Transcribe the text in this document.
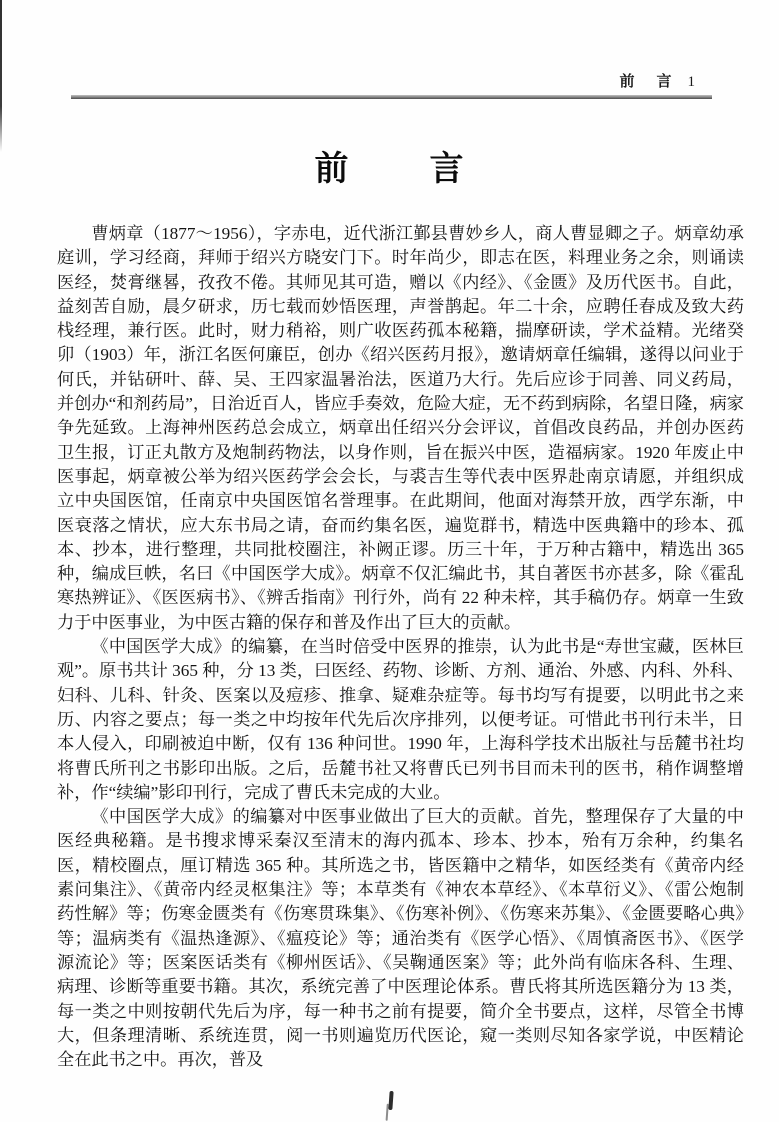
前 言 1
前 言

曹炳章（1877～1956），字赤电，近代浙江鄞县曹妙乡人，商人曹显卿之子。炳章幼承庭训，学习经商，拜师于绍兴方晓安门下。时年尚少，即志在医，料理业务之余，则诵读医经，焚膏继晷，孜孜不倦。其师见其可造，赠以《内经》、《金匮》及历代医书。自此，益刻苦自励，晨夕研求，历七载而妙悟医理，声誉鹊起。年二十余，应聘任春成及致大药栈经理，兼行医。此时，财力稍裕，则广收医药孤本秘籍，揣摩研读，学术益精。光绪癸卯（1903）年，浙江名医何廉臣，创办《绍兴医药月报》，邀请炳章任编辑，遂得以问业于何氏，并钻研叶、薛、吴、王四家温暑治法，医道乃大行。先后应诊于同善、同义药局，并创办“和剂药局”，日治近百人，皆应手奏效，危险大症，无不药到病除，名望日隆，病家争先延致。上海神州医药总会成立，炳章出任绍兴分会评议，首倡改良药品，并创办医药卫生报，订正丸散方及炮制药物法，以身作则，旨在振兴中医，造福病家。1920 年废止中医事起，炳章被公举为绍兴医药学会会长，与裘吉生等代表中医界赴南京请愿，并组织成立中央国医馆，任南京中央国医馆名誉理事。在此期间，他面对海禁开放，西学东渐，中医衰落之情状，应大东书局之请，奋而约集名医，遍览群书，精选中医典籍中的珍本、孤本、抄本，进行整理，共同批校圈注，补阙正谬。历三十年，于万种古籍中，精选出 365 种，编成巨帙，名曰《中国医学大成》。炳章不仅汇编此书，其自著医书亦甚多，除《霍乱寒热辨证》、《医医病书》、《辨舌指南》刊行外，尚有 22 种未梓，其手稿仍存。炳章一生致力于中医事业，为中医古籍的保存和普及作出了巨大的贡献。

《中国医学大成》的编纂，在当时倍受中医界的推崇，认为此书是“寿世宝藏，医林巨观”。原书共计 365 种，分 13 类，曰医经、药物、诊断、方剂、通治、外感、内科、外科、妇科、儿科、针灸、医案以及痘疹、推拿、疑难杂症等。每书均写有提要，以明此书之来历、内容之要点；每一类之中均按年代先后次序排列，以便考证。可惜此书刊行未半，日本人侵入，印刷被迫中断，仅有 136 种问世。1990 年，上海科学技术出版社与岳麓书社均将曹氏所刊之书影印出版。之后，岳麓书社又将曹氏已列书目而未刊的医书，稍作调整增补，作“续编”影印刊行，完成了曹氏未完成的大业。

《中国医学大成》的编纂对中医事业做出了巨大的贡献。首先，整理保存了大量的中医经典秘籍。是书搜求博采秦汉至清末的海内孤本、珍本、抄本，殆有万余种，约集名医，精校圈点，厘订精选 365 种。其所选之书，皆医籍中之精华，如医经类有《黄帝内经素问集注》、《黄帝内经灵枢集注》等；本草类有《神农本草经》、《本草衍义》、《雷公炮制药性解》等；伤寒金匮类有《伤寒贯珠集》、《伤寒补例》、《伤寒来苏集》、《金匮要略心典》等；温病类有《温热逢源》、《瘟疫论》等；通治类有《医学心悟》、《周慎斋医书》、《医学源流论》等；医案医话类有《柳州医话》、《吴鞠通医案》等；此外尚有临床各科、生理、病理、诊断等重要书籍。其次，系统完善了中医理论体系。曹氏将其所选医籍分为 13 类，每一类之中则按朝代先后为序，每一种书之前有提要，简介全书要点，这样，尽管全书博大，但条理清晰、系统连贯，阅一书则遍览历代医论，窥一类则尽知各家学说，中医精论全在此书之中。再次，普及
